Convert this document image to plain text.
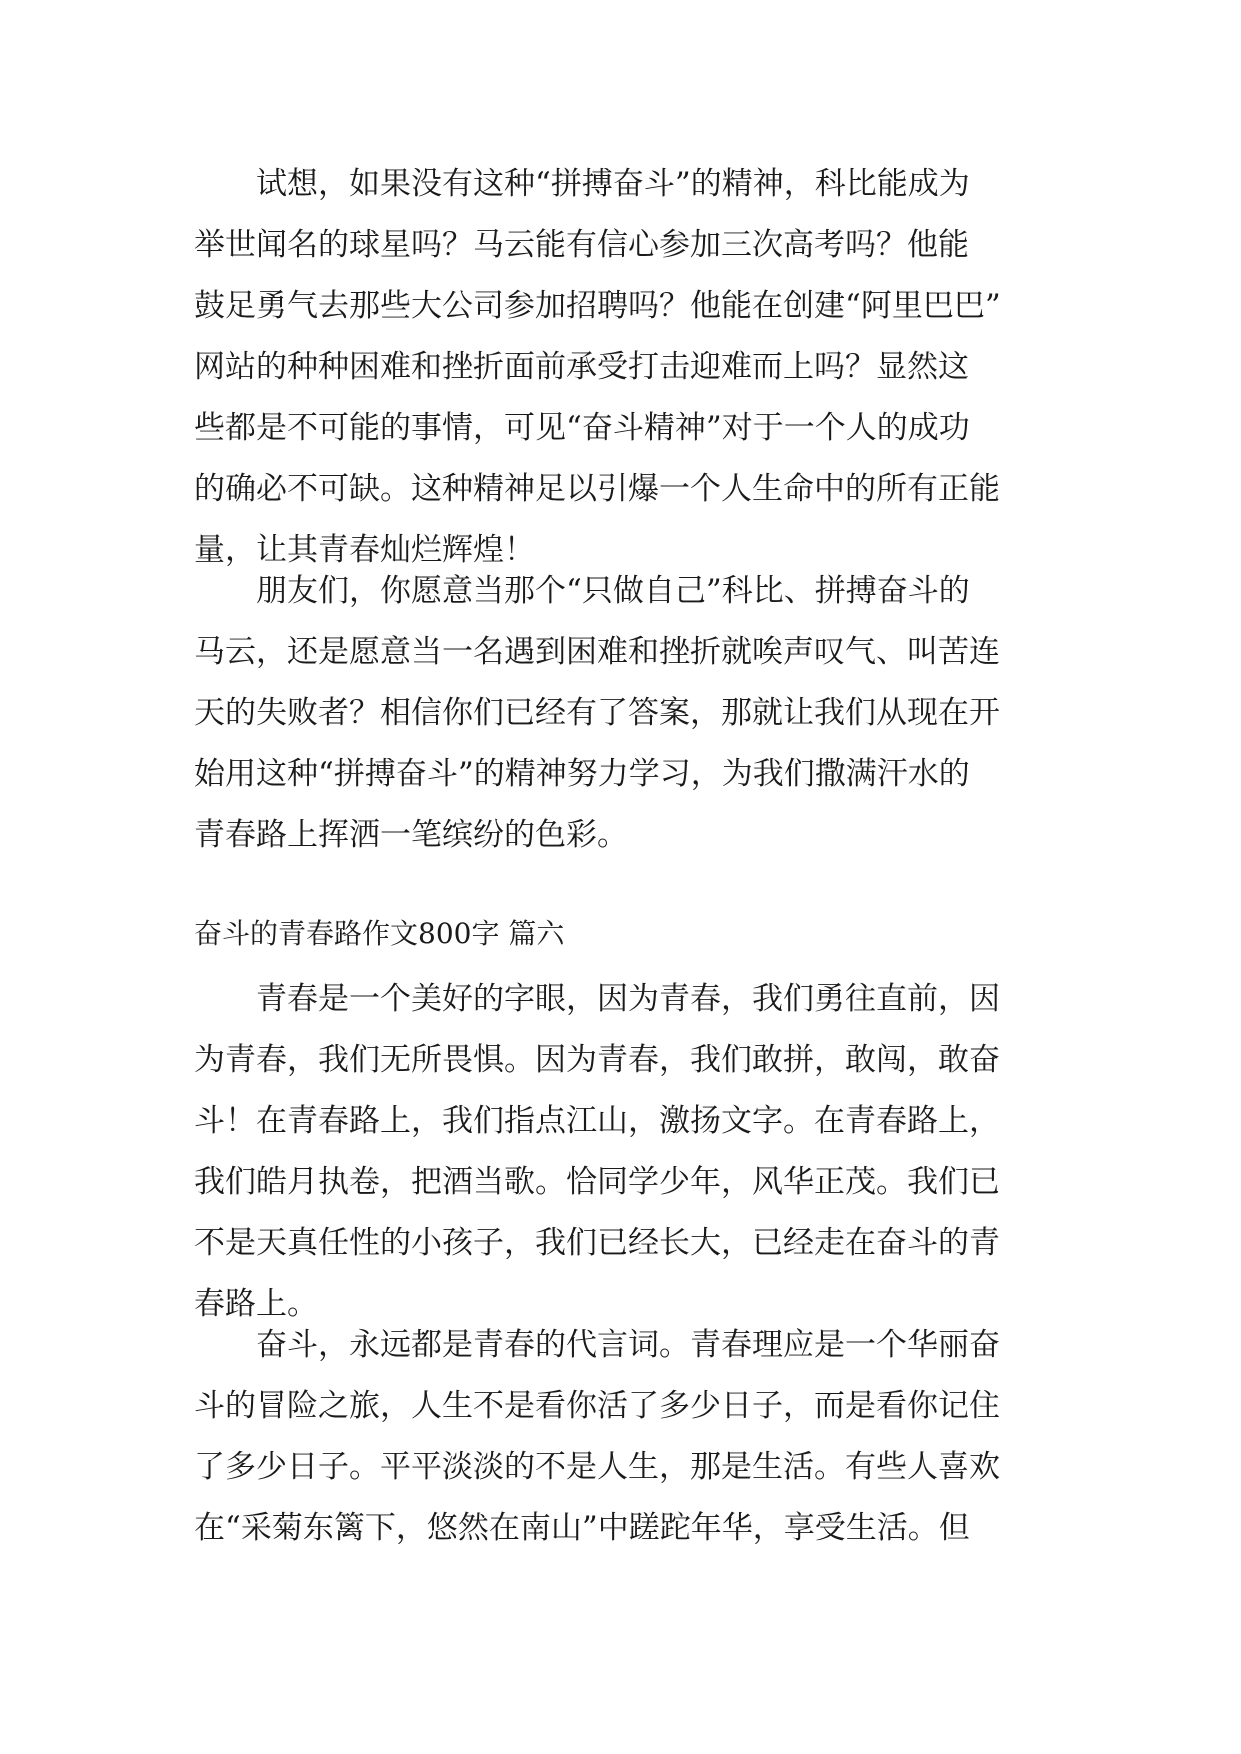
试想，如果没有这种“拼搏奋斗”的精神，科比能成为
举世闻名的球星吗？马云能有信心参加三次高考吗？他能
鼓足勇气去那些大公司参加招聘吗？他能在创建“阿里巴巴”
网站的种种困难和挫折面前承受打击迎难而上吗？显然这
些都是不可能的事情，可见“奋斗精神”对于一个人的成功
的确必不可缺。这种精神足以引爆一个人生命中的所有正能
量，让其青春灿烂辉煌！
朋友们，你愿意当那个“只做自己”科比、拼搏奋斗的
马云，还是愿意当一名遇到困难和挫折就唉声叹气、叫苦连
天的失败者？相信你们已经有了答案，那就让我们从现在开
始用这种“拼搏奋斗”的精神努力学习，为我们撒满汗水的
青春路上挥洒一笔缤纷的色彩。
奋斗的青春路作文800字 篇六
青春是一个美好的字眼，因为青春，我们勇往直前，因
为青春，我们无所畏惧。因为青春，我们敢拼，敢闯，敢奋
斗！在青春路上，我们指点江山，激扬文字。在青春路上，
我们皓月执卷，把酒当歌。恰同学少年，风华正茂。我们已
不是天真任性的小孩子，我们已经长大，已经走在奋斗的青
春路上。
奋斗，永远都是青春的代言词。青春理应是一个华丽奋
斗的冒险之旅，人生不是看你活了多少日子，而是看你记住
了多少日子。平平淡淡的不是人生，那是生活。有些人喜欢
在“采菊东篱下，悠然在南山”中蹉跎年华，享受生活。但
